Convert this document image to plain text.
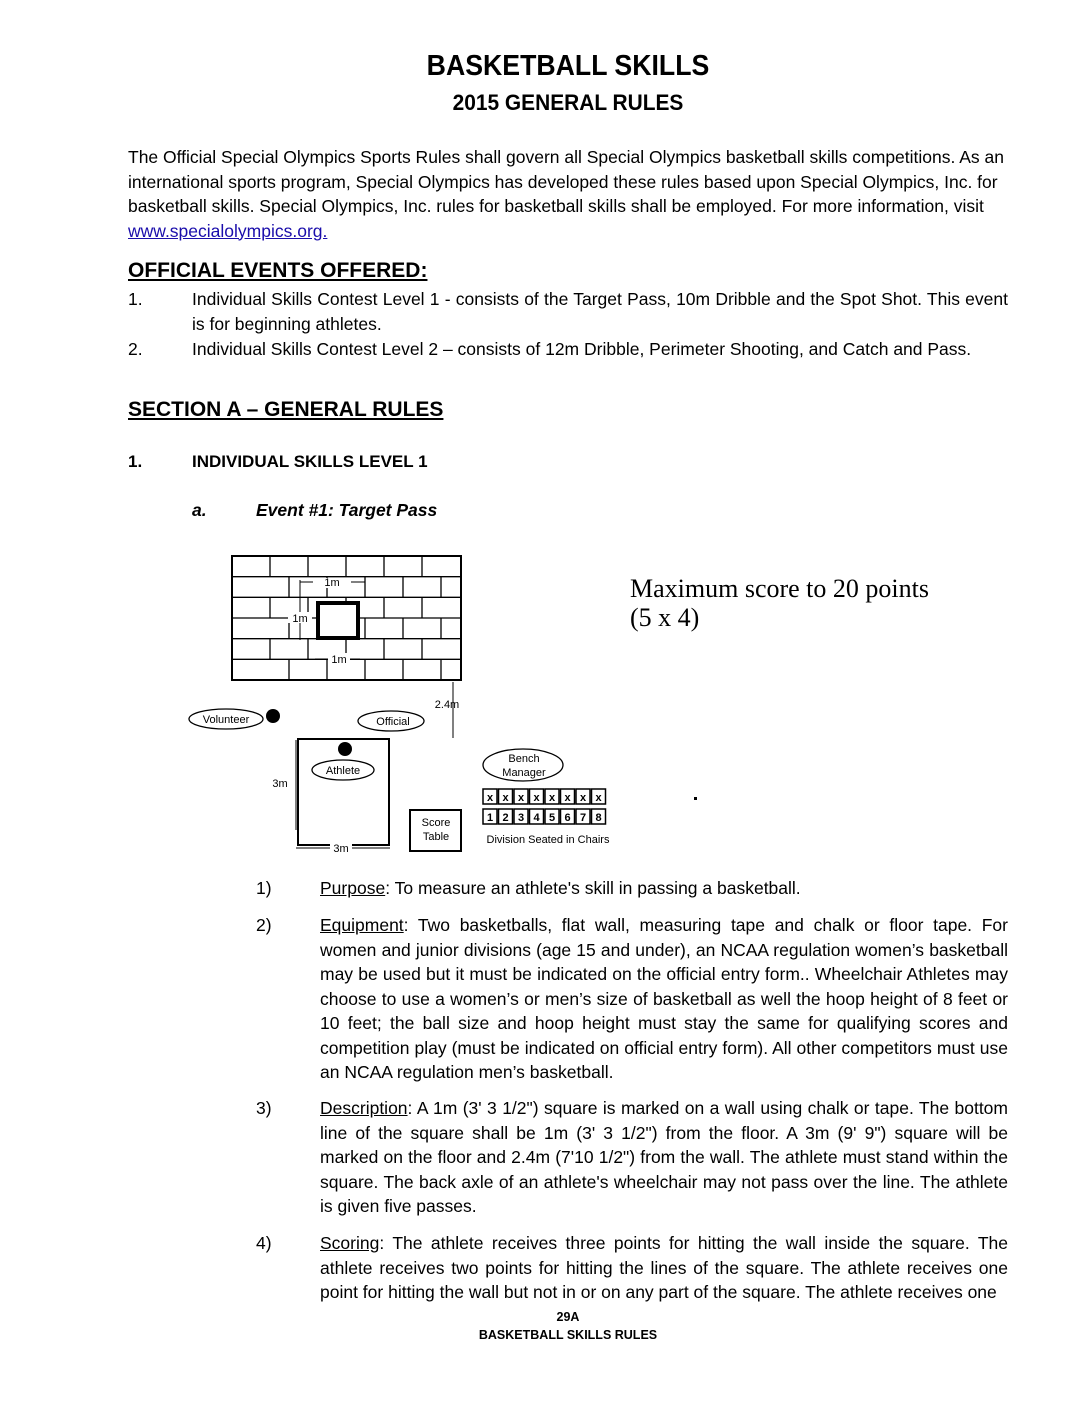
BASKETBALL SKILLS
2015 GENERAL RULES
The Official Special Olympics Sports Rules shall govern all Special Olympics basketball skills competitions. As an international sports program, Special Olympics has developed these rules based upon Special Olympics, Inc. for basketball skills. Special Olympics, Inc. rules for basketball skills shall be employed. For more information, visit www.specialolympics.org.
OFFICIAL EVENTS OFFERED:
1.	Individual Skills Contest Level 1 - consists of the Target Pass, 10m Dribble and the Spot Shot. This event is for beginning athletes.
2.	Individual Skills Contest Level 2 – consists of 12m Dribble, Perimeter Shooting, and Catch and Pass.
SECTION A – GENERAL RULES
1.	INDIVIDUAL SKILLS LEVEL 1
a.	Event #1: Target Pass
1m
1m
1m
2.4m
Volunteer	Official
Athlete
3m
3m
Score
Table
Bench
Manager
x x x x x x x x
1 2 3 4 5 6 7 8
Division Seated in Chairs
Maximum score to 20 points
(5 x 4)
1)	Purpose: To measure an athlete's skill in passing a basketball.
2)	Equipment: Two basketballs, flat wall, measuring tape and chalk or floor tape. For women and junior divisions (age 15 and under), an NCAA regulation women’s basketball may be used but it must be indicated on the official entry form.. Wheelchair Athletes may choose to use a women’s or men’s size of basketball as well the hoop height of 8 feet or 10 feet; the ball size and hoop height must stay the same for qualifying scores and competition play (must be indicated on official entry form). All other competitors must use an NCAA regulation men’s basketball.
3)	Description: A 1m (3' 3 1/2") square is marked on a wall using chalk or tape. The bottom line of the square shall be 1m (3' 3 1/2") from the floor. A 3m (9' 9") square will be marked on the floor and 2.4m (7'10 1/2") from the wall. The athlete must stand within the square. The back axle of an athlete's wheelchair may not pass over the line. The athlete is given five passes.
4)	Scoring: The athlete receives three points for hitting the wall inside the square. The athlete receives two points for hitting the lines of the square. The athlete receives one point for hitting the wall but not in or on any part of the square. The athlete receives one
29A
BASKETBALL SKILLS RULES
